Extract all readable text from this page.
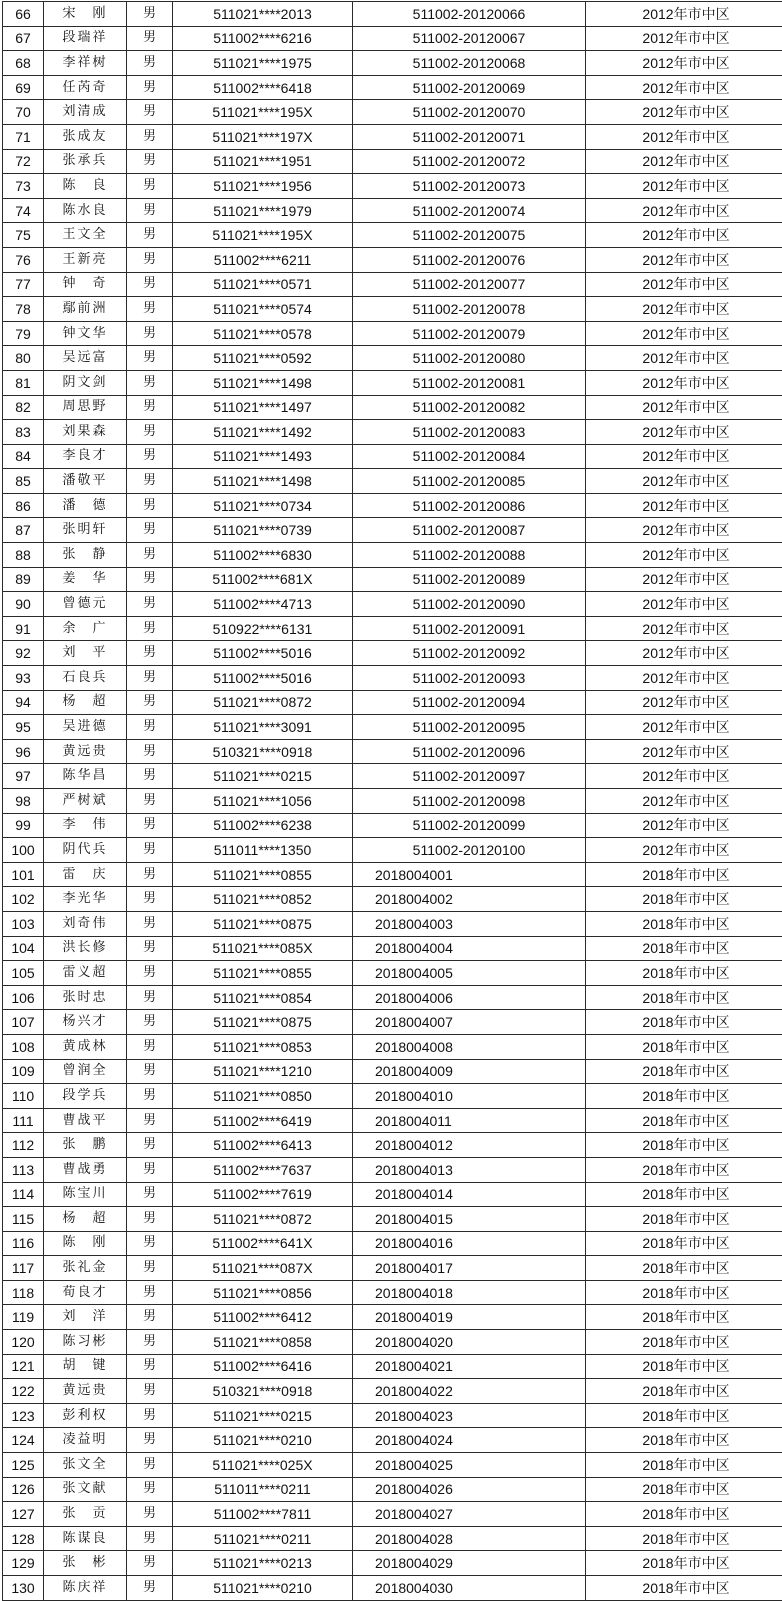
66	宋　刚	男	511021****2013	511002-20120066	2012年市中区
67	段瑞祥	男	511002****6216	511002-20120067	2012年市中区
68	李祥树	男	511021****1975	511002-20120068	2012年市中区
69	任芮奇	男	511002****6418	511002-20120069	2012年市中区
70	刘清成	男	511021****195X	511002-20120070	2012年市中区
71	张成友	男	511021****197X	511002-20120071	2012年市中区
72	张承兵	男	511021****1951	511002-20120072	2012年市中区
73	陈　良	男	511021****1956	511002-20120073	2012年市中区
74	陈水良	男	511021****1979	511002-20120074	2012年市中区
75	王文全	男	511021****195X	511002-20120075	2012年市中区
76	王新亮	男	511002****6211	511002-20120076	2012年市中区
77	钟　奇	男	511021****0571	511002-20120077	2012年市中区
78	鄢前洲	男	511021****0574	511002-20120078	2012年市中区
79	钟文华	男	511021****0578	511002-20120079	2012年市中区
80	吴远富	男	511021****0592	511002-20120080	2012年市中区
81	阴文剑	男	511021****1498	511002-20120081	2012年市中区
82	周思野	男	511021****1497	511002-20120082	2012年市中区
83	刘果森	男	511021****1492	511002-20120083	2012年市中区
84	李良才	男	511021****1493	511002-20120084	2012年市中区
85	潘敬平	男	511021****1498	511002-20120085	2012年市中区
86	潘　德	男	511021****0734	511002-20120086	2012年市中区
87	张明轩	男	511021****0739	511002-20120087	2012年市中区
88	张　静	男	511002****6830	511002-20120088	2012年市中区
89	姜　华	男	511002****681X	511002-20120089	2012年市中区
90	曾德元	男	511002****4713	511002-20120090	2012年市中区
91	余　广	男	510922****6131	511002-20120091	2012年市中区
92	刘　平	男	511002****5016	511002-20120092	2012年市中区
93	石良兵	男	511002****5016	511002-20120093	2012年市中区
94	杨　超	男	511021****0872	511002-20120094	2012年市中区
95	吴进德	男	511021****3091	511002-20120095	2012年市中区
96	黄远贵	男	510321****0918	511002-20120096	2012年市中区
97	陈华昌	男	511021****0215	511002-20120097	2012年市中区
98	严树斌	男	511021****1056	511002-20120098	2012年市中区
99	李　伟	男	511002****6238	511002-20120099	2012年市中区
100	阴代兵	男	511011****1350	511002-20120100	2012年市中区
101	雷　庆	男	511021****0855	2018004001	2018年市中区
102	李光华	男	511021****0852	2018004002	2018年市中区
103	刘奇伟	男	511021****0875	2018004003	2018年市中区
104	洪长修	男	511021****085X	2018004004	2018年市中区
105	雷义超	男	511021****0855	2018004005	2018年市中区
106	张时忠	男	511021****0854	2018004006	2018年市中区
107	杨兴才	男	511021****0875	2018004007	2018年市中区
108	黄成林	男	511021****0853	2018004008	2018年市中区
109	曾润全	男	511021****1210	2018004009	2018年市中区
110	段学兵	男	511021****0850	2018004010	2018年市中区
111	曹战平	男	511002****6419	2018004011	2018年市中区
112	张　鹏	男	511002****6413	2018004012	2018年市中区
113	曹战勇	男	511002****7637	2018004013	2018年市中区
114	陈宝川	男	511002****7619	2018004014	2018年市中区
115	杨　超	男	511021****0872	2018004015	2018年市中区
116	陈　刚	男	511002****641X	2018004016	2018年市中区
117	张礼金	男	511021****087X	2018004017	2018年市中区
118	荀良才	男	511021****0856	2018004018	2018年市中区
119	刘　洋	男	511002****6412	2018004019	2018年市中区
120	陈习彬	男	511021****0858	2018004020	2018年市中区
121	胡　键	男	511002****6416	2018004021	2018年市中区
122	黄远贵	男	510321****0918	2018004022	2018年市中区
123	彭利权	男	511021****0215	2018004023	2018年市中区
124	凌益明	男	511021****0210	2018004024	2018年市中区
125	张文全	男	511021****025X	2018004025	2018年市中区
126	张文献	男	511011****0211	2018004026	2018年市中区
127	张　贡	男	511002****7811	2018004027	2018年市中区
128	陈谋良	男	511021****0211	2018004028	2018年市中区
129	张　彬	男	511021****0213	2018004029	2018年市中区
130	陈庆祥	男	511021****0210	2018004030	2018年市中区
